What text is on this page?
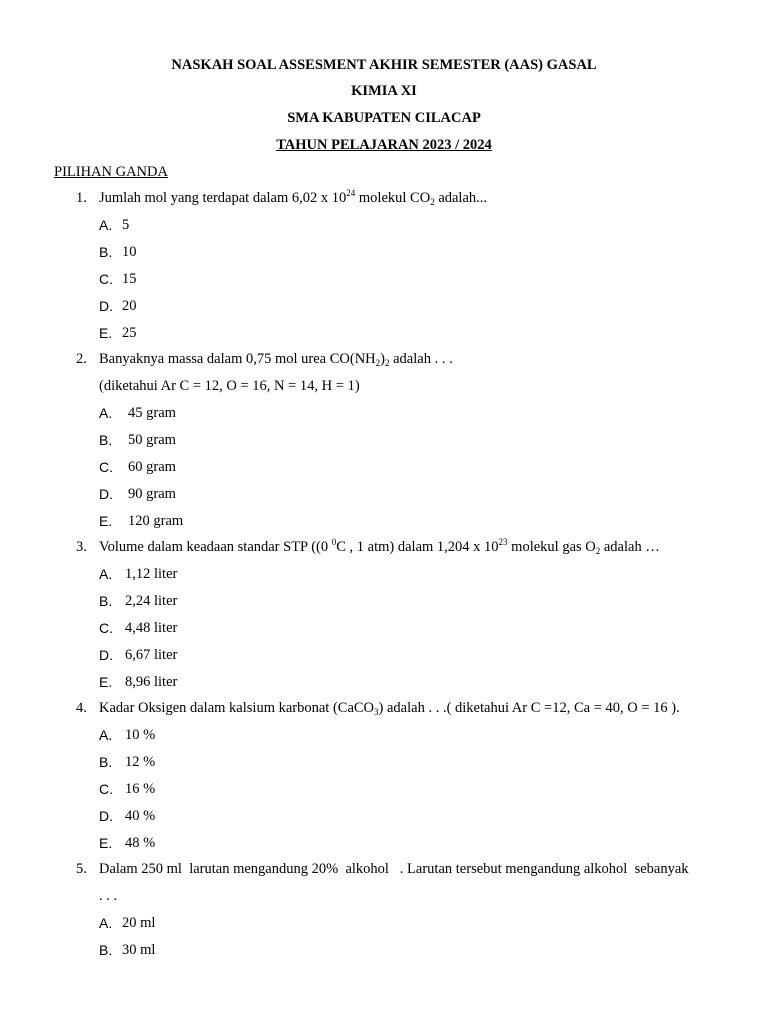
NASKAH SOAL ASSESMENT AKHIR SEMESTER (AAS) GASAL
KIMIA XI
SMA KABUPATEN CILACAP
TAHUN PELAJARAN 2023 / 2024
PILIHAN GANDA
1. Jumlah mol yang terdapat dalam 6,02 x $10^{24}$ molekul $CO_2$ adalah...
A. 5
B. 10
C. 15
D. 20
E. 25
2. Banyaknya massa dalam 0,75 mol urea $CO(NH_2)_2$ adalah . . .
(diketahui Ar C = 12, O = 16, N = 14, H = 1)
A. 45 gram
B. 50 gram
C. 60 gram
D. 90 gram
E. 120 gram
3. Volume dalam keadaan standar STP ((0 $^0$C , 1 atm) dalam 1,204 x $10^{23}$ molekul gas $O_2$ adalah …
A. 1,12 liter
B. 2,24 liter
C. 4,48 liter
D. 6,67 liter
E. 8,96 liter
4. Kadar Oksigen dalam kalsium karbonat (CaCO$_3$) adalah . . .( diketahui Ar C =12, Ca = 40, O = 16 ).
A. 10 %
B. 12 %
C. 16 %
D. 40 %
E. 48 %
5. Dalam 250 ml  larutan mengandung 20%  alkohol   . Larutan tersebut mengandung alkohol  sebanyak
. . .
A. 20 ml
B. 30 ml
